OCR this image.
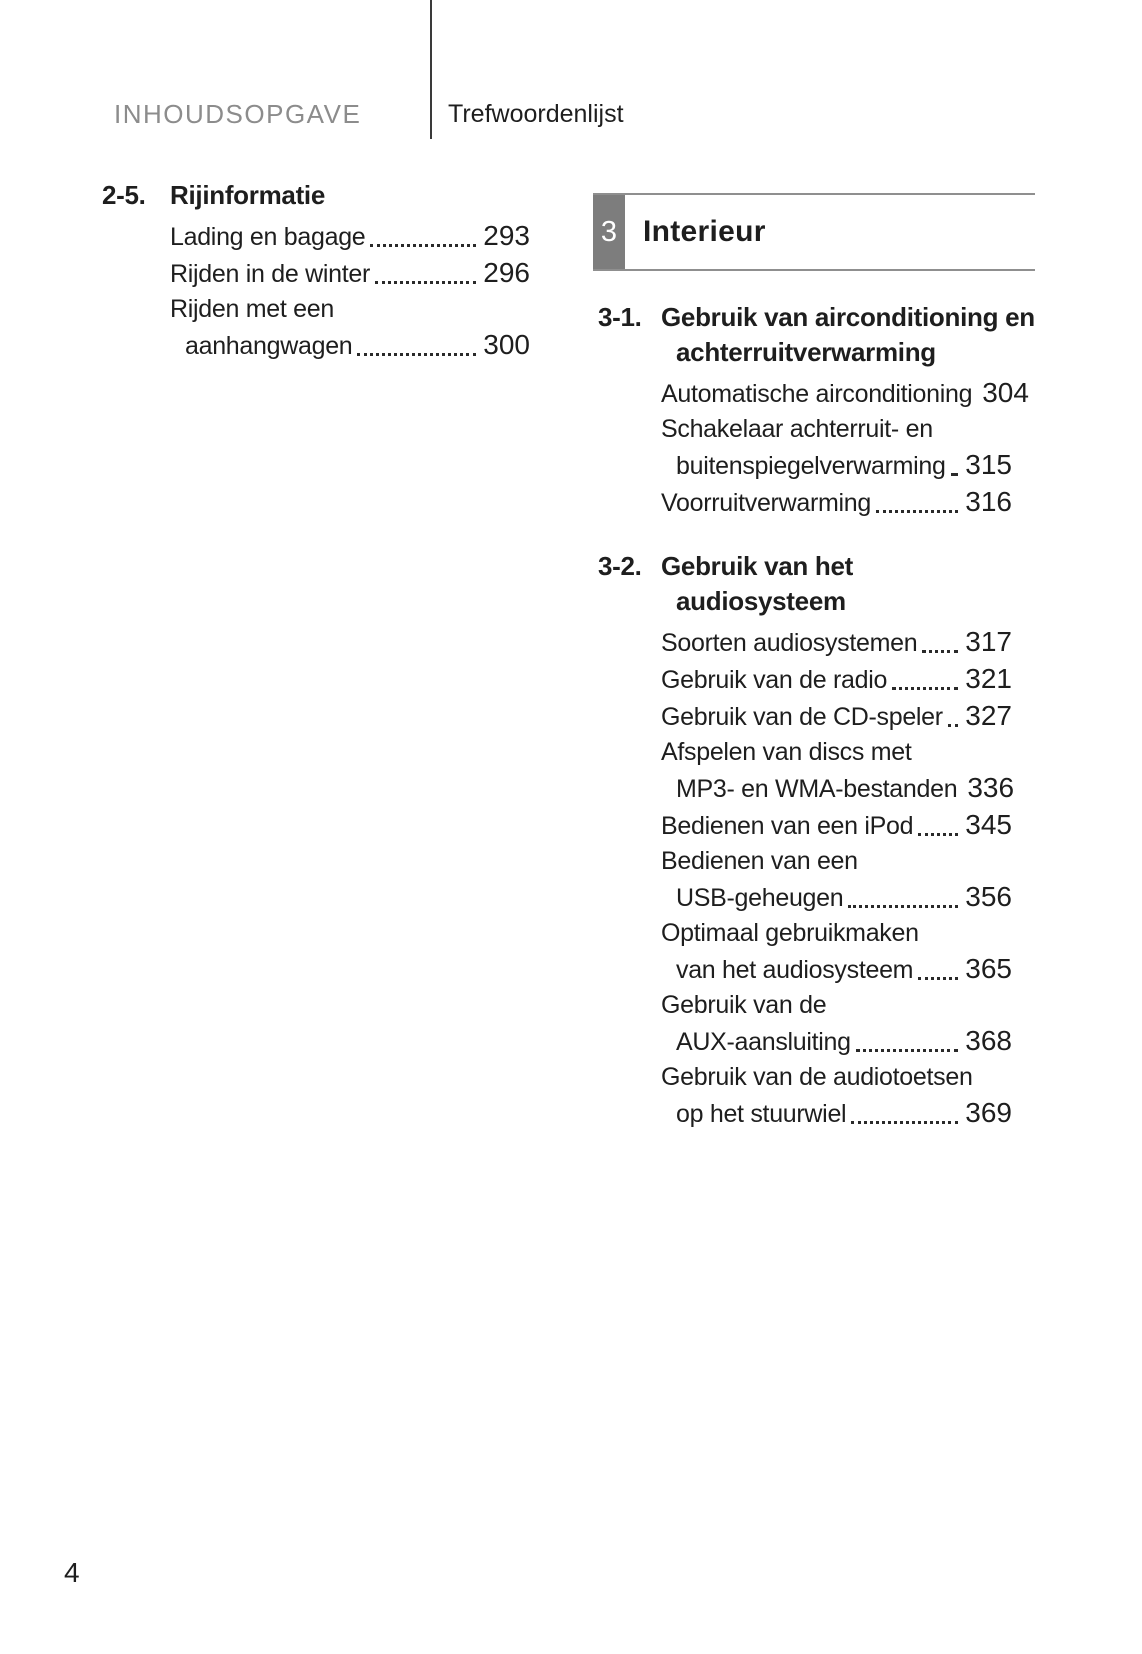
INHOUDSOPGAVE	Trefwoordenlijst
3 Interieur
2-5. Rijinformatie
Lading en bagage	293
Rijden in de winter	296
Rijden met een
aanhangwagen	300
3-1. Gebruik van airconditioning en
achterruitverwarming
Automatische airconditioning 304
Schakelaar achterruit- en
buitenspiegelverwarming 315
Voorruitverwarming	316
3-2. Gebruik van het
audiosysteem
Soorten audiosystemen 317
Gebruik van de radio	321
Gebruik van de CD-speler 327
Afspelen van discs met
MP3- en WMA-bestanden 336
Bedienen van een iPod 345
Bedienen van een
USB-geheugen	356
Optimaal gebruikmaken
van het audiosysteem 365
Gebruik van de
AUX-aansluiting	368
Gebruik van de audiotoetsen
op het stuurwiel	369
4
